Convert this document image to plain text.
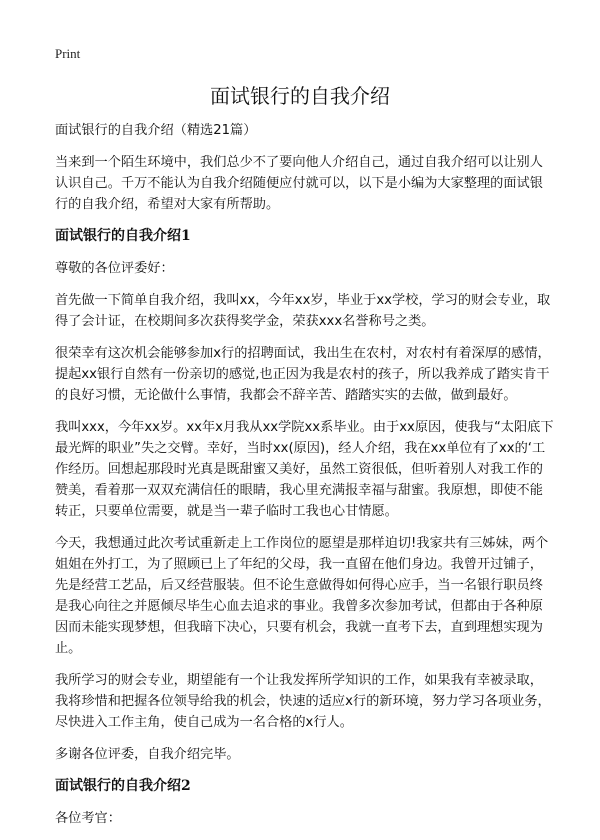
Print
面试银行的自我介绍

面试银行的自我介绍（精选21篇）

当来到一个陌生环境中，我们总少不了要向他人介绍自己，通过自我介绍可以让别人认识自己。千万不能认为自我介绍随便应付就可以，以下是小编为大家整理的面试银行的自我介绍，希望对大家有所帮助。

面试银行的自我介绍1

尊敬的各位评委好：

首先做一下简单自我介绍，我叫xx，今年xx岁，毕业于xx学校，学习的财会专业，取得了会计证，在校期间多次获得奖学金，荣获xxx名誉称号之类。

很荣幸有这次机会能够参加x行的招聘面试，我出生在农村，对农村有着深厚的感情，提起xx银行自然有一份亲切的感觉,也正因为我是农村的孩子，所以我养成了踏实肯干的良好习惯，无论做什么事情，我都会不辞辛苦、踏踏实实的去做，做到最好。

我叫xxx，今年xx岁。xx年x月我从xx学院xx系毕业。由于xx原因，使我与“太阳底下最光辉的职业”失之交臂。幸好，当时xx(原因)，经人介绍，我在xx单位有了xx的‘工作经历。回想起那段时光真是既甜蜜又美好，虽然工资很低，但听着别人对我工作的赞美，看着那一双双充满信任的眼睛，我心里充满报幸福与甜蜜。我原想，即使不能转正，只要单位需要，就是当一辈子临时工我也心甘情愿。

今天，我想通过此次考试重新走上工作岗位的愿望是那样迫切!我家共有三姊妹，两个姐姐在外打工，为了照顾已上了年纪的父母，我一直留在他们身边。我曾开过铺子，先是经营工艺品，后又经营服装。但不论生意做得如何得心应手，当一名银行职员终是我心向往之并愿倾尽毕生心血去追求的事业。我曾多次参加考试，但都由于各种原因而未能实现梦想，但我暗下决心，只要有机会，我就一直考下去，直到理想实现为止。

我所学习的财会专业，期望能有一个让我发挥所学知识的工作，如果我有幸被录取，我将珍惜和把握各位领导给我的机会，快速的适应x行的新环境，努力学习各项业务，尽快进入工作主角，使自己成为一名合格的x行人。

多谢各位评委，自我介绍完毕。

面试银行的自我介绍2

各位考官：
